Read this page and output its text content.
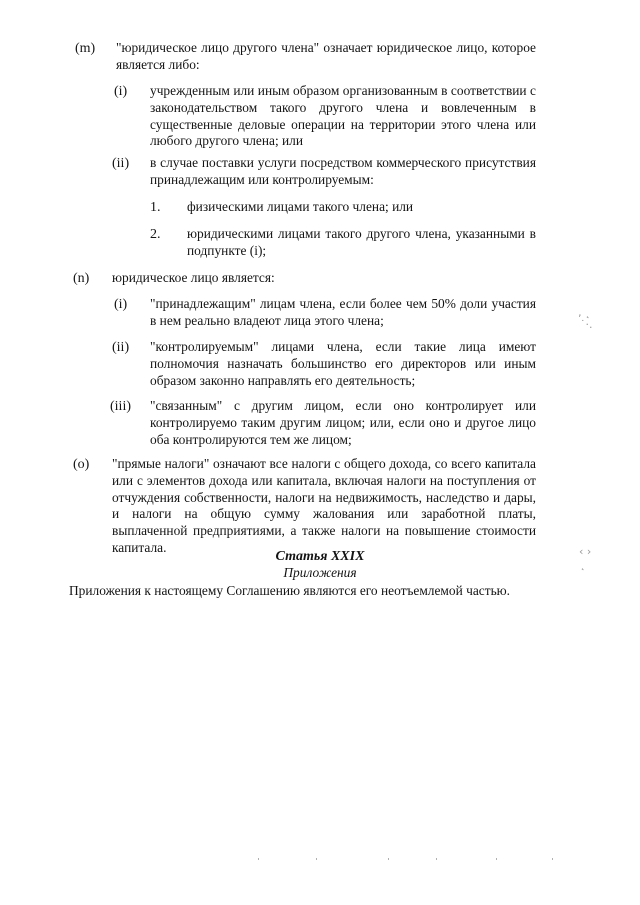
(m) "юридическое лицо другого члена" означает юридическое лицо, которое является либо:
(i) учрежденным или иным образом организованным в соответствии с законодательством такого другого члена и вовлеченным в существенные деловые операции на территории этого члена или любого другого члена; или
(ii) в случае поставки услуги посредством коммерческого присутствия принадлежащим или контролируемым:
1. физическими лицами такого члена; или
2. юридическими лицами такого другого члена, указанными в подпункте (i);
(n) юридическое лицо является:
(i) "принадлежащим" лицам члена, если более чем 50% доли участия в нем реально владеют лица этого члена;
(ii) "контролируемым" лицами члена, если такие лица имеют полномочия назначать большинство его директоров или иным образом законно направлять его деятельность;
(iii) "связанным" с другим лицом, если оно контролирует или контролируемо таким другим лицом; или, если оно и другое лицо оба контролируются тем же лицом;
(o) "прямые налоги" означают все налоги с общего дохода, со всего капитала или с элементов дохода или капитала, включая налоги на поступления от отчуждения собственности, налоги на недвижимость, наследство и дары, и налоги на общую сумму жалования или заработной платы, выплаченной предприятиями, а также налоги на повышение стоимости капитала.
Статья XXIX
Приложения
Приложения к настоящему Соглашению являются его неотъемлемой частью.
‚ ˛
˙·.
‹ ›
˛
